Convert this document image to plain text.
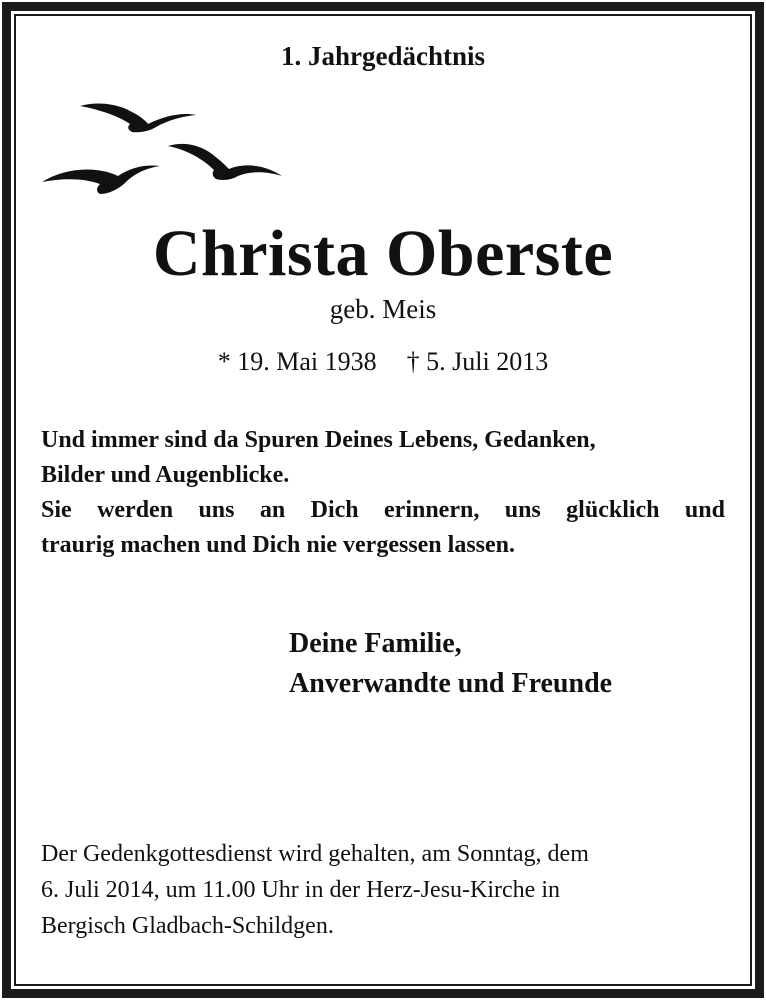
1. Jahrgedächtnis
Christa Oberste
geb. Meis
* 19. Mai 1938 † 5. Juli 2013
Und immer sind da Spuren Deines Lebens, Gedanken,
Bilder und Augenblicke.
Sie werden uns an Dich erinnern, uns glücklich und
traurig machen und Dich nie vergessen lassen.
Deine Familie,
Anverwandte und Freunde
Der Gedenkgottesdienst wird gehalten, am Sonntag, dem
6. Juli 2014, um 11.00 Uhr in der Herz-Jesu-Kirche in
Bergisch Gladbach-Schildgen.
